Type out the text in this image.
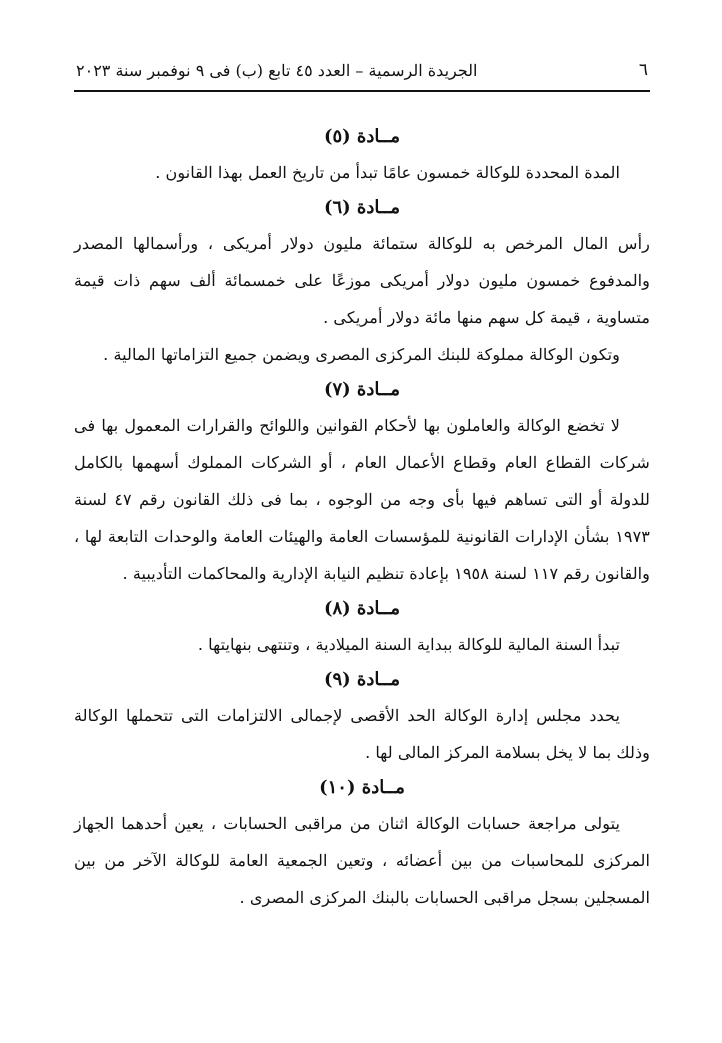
٦
الجريدة الرسمية – العدد ٤٥ تابع (ب) فى ٩ نوفمبر سنة ٢٠٢٣
مــادة (٥)

المدة المحددة للوكالة خمسون عامًا تبدأ من تاريخ العمل بهذا القانون .

مــادة (٦)

رأس المال المرخص به للوكالة ستمائة مليون دولار أمريكى ، ورأسمالها المصدر والمدفوع خمسون مليون دولار أمريكى موزعًا على خمسمائة ألف سهم ذات قيمة متساوية ، قيمة كل سهم منها مائة دولار أمريكى .

وتكون الوكالة مملوكة للبنك المركزى المصرى ويضمن جميع التزاماتها المالية .

مــادة (٧)

لا تخضع الوكالة والعاملون بها لأحكام القوانين واللوائح والقرارات المعمول بها فى شركات القطاع العام وقطاع الأعمال العام ، أو الشركات المملوك أسهمها بالكامل للدولة أو التى تساهم فيها بأى وجه من الوجوه ، بما فى ذلك القانون رقم ٤٧ لسنة ١٩٧٣ بشأن الإدارات القانونية للمؤسسات العامة والهيئات العامة والوحدات التابعة لها ، والقانون رقم ١١٧ لسنة ١٩٥٨ بإعادة تنظيم النيابة الإدارية والمحاكمات التأديبية .

مــادة (٨)

تبدأ السنة المالية للوكالة ببداية السنة الميلادية ، وتنتهى بنهايتها .

مــادة (٩)

يحدد مجلس إدارة الوكالة الحد الأقصى لإجمالى الالتزامات التى تتحملها الوكالة وذلك بما لا يخل بسلامة المركز المالى لها .

مــادة (١٠)

يتولى مراجعة حسابات الوكالة اثنان من مراقبى الحسابات ، يعين أحدهما الجهاز المركزى للمحاسبات من بين أعضائه ، وتعين الجمعية العامة للوكالة الآخر من بين المسجلين بسجل مراقبى الحسابات بالبنك المركزى المصرى .
